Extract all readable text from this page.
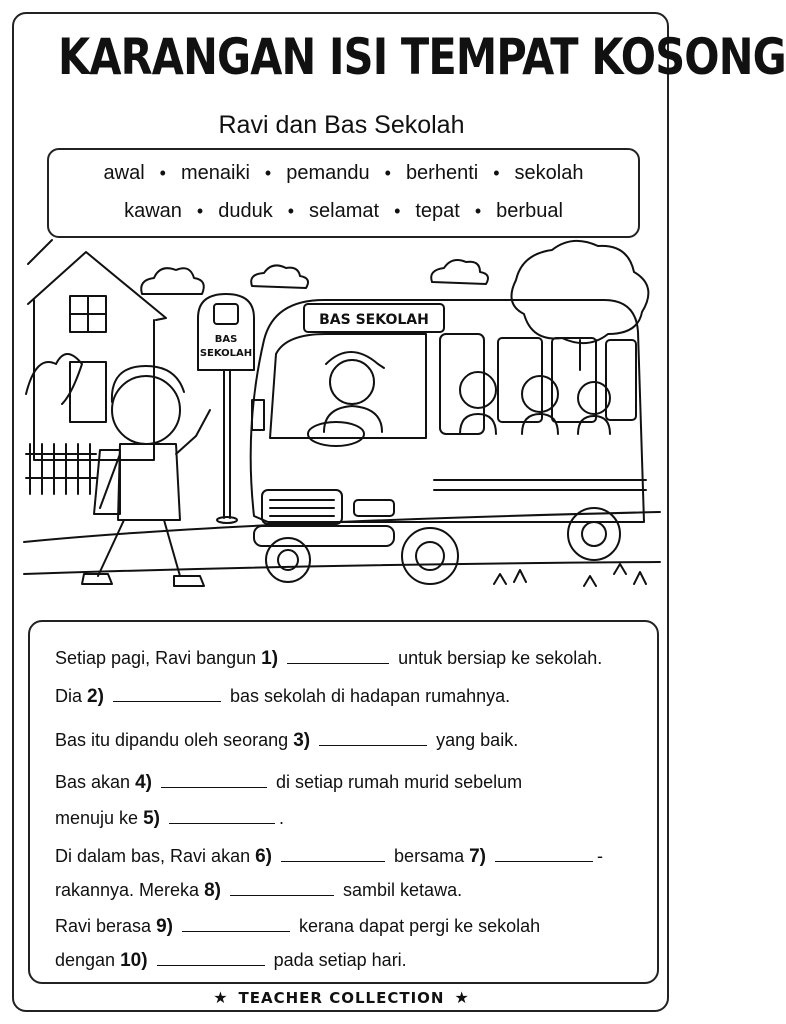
KARANGAN ISI TEMPAT KOSONG
Ravi dan Bas Sekolah
awal • menaiki • pemandu • berhenti • sekolah
kawan • duduk • selamat • tepat • berbual
BAS SEKOLAH
BAS
SEKOLAH
Setiap pagi, Ravi bangun 1)	untuk bersiap ke sekolah.
Dia 2)	bas sekolah di hadapan rumahnya.
Bas itu dipandu oleh seorang 3)	yang baik.
Bas akan 4)	di setiap rumah murid sebelum
menuju ke 5)	.
Di dalam bas, Ravi akan 6)	bersama 7)	-
rakannya. Mereka 8)	sambil ketawa.
Ravi berasa 9)	kerana dapat pergi ke sekolah
dengan 10)	pada setiap hari.
★ TEACHER COLLECTION ★
